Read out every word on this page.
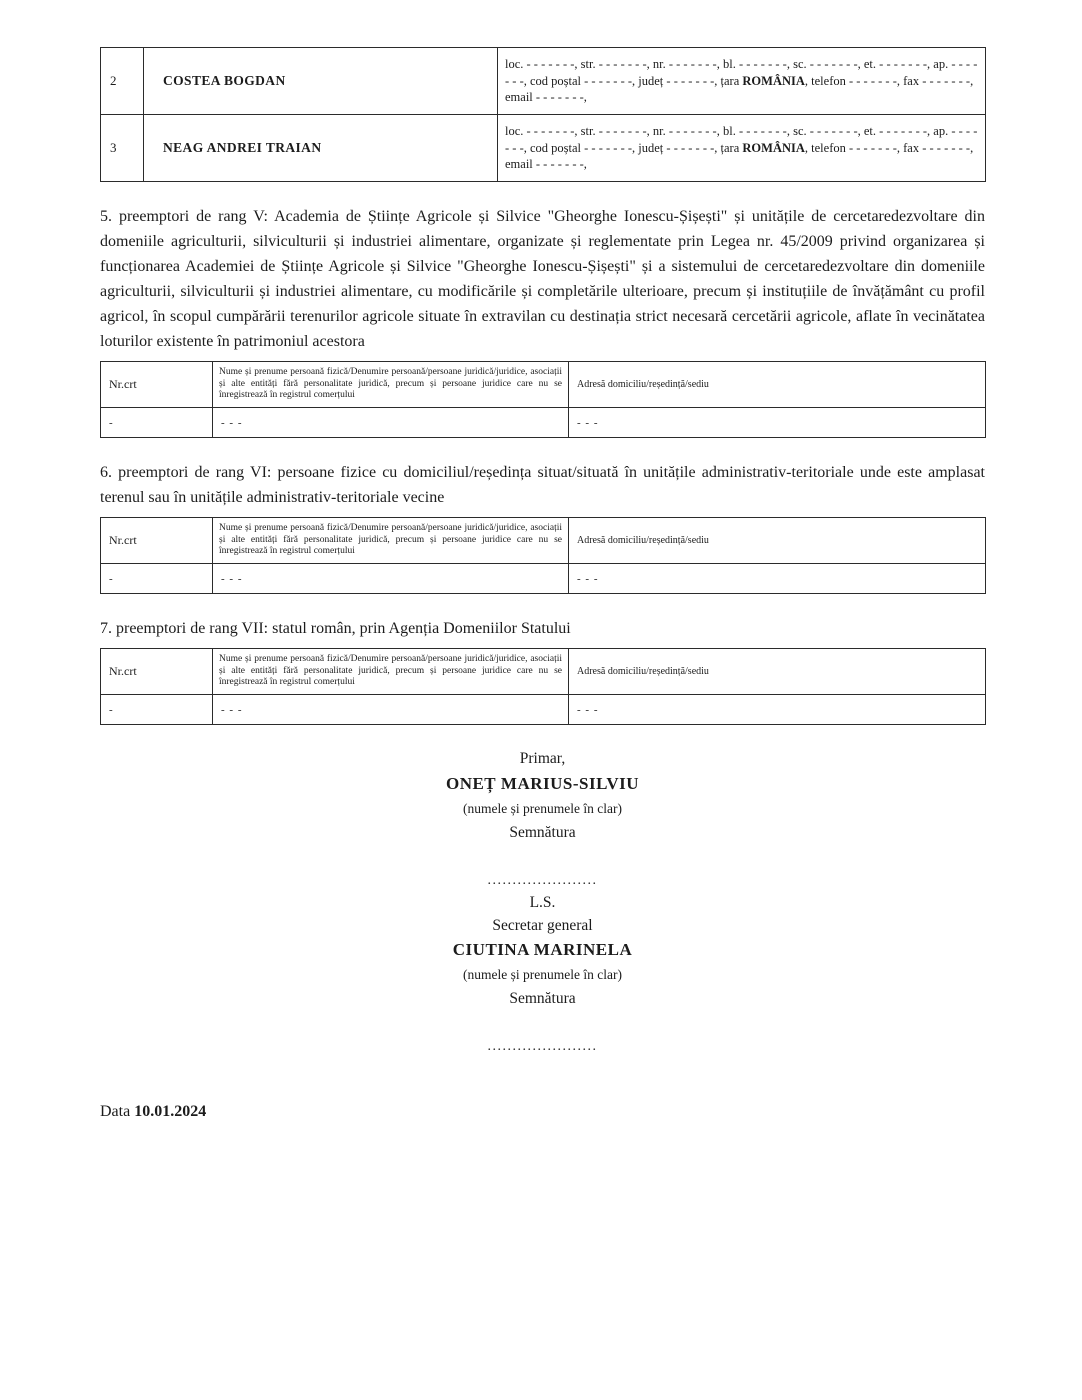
2	COSTEA BOGDAN	loc. - - - - - - -, str. - - - - - - -, nr. - - - - - - -, bl. - - - - - - -, sc. - - - - - - -, et. - - - - - - -, ap. - - - - - - -, cod poștal - - - - - - -, județ - - - - - - -, țara ROMÂNIA, telefon - - - - - - -, fax - - - - - - -, email - - - - - - -,
3	NEAG ANDREI TRAIAN	loc. - - - - - - -, str. - - - - - - -, nr. - - - - - - -, bl. - - - - - - -, sc. - - - - - - -, et. - - - - - - -, ap. - - - - - - -, cod poștal - - - - - - -, județ - - - - - - -, țara ROMÂNIA, telefon - - - - - - -, fax - - - - - - -, email - - - - - - -,

5. preemptori de rang V: Academia de Științe Agricole și Silvice "Gheorghe Ionescu-Șișești" și unitățile de cercetaredezvoltare din domeniile agriculturii, silviculturii și industriei alimentare, organizate și reglementate prin Legea nr. 45/2009 privind organizarea și funcționarea Academiei de Științe Agricole și Silvice "Gheorghe Ionescu-Șișești" și a sistemului de cercetaredezvoltare din domeniile agriculturii, silviculturii și industriei alimentare, cu modificările și completările ulterioare, precum și instituțiile de învățământ cu profil agricol, în scopul cumpărării terenurilor agricole situate în extravilan cu destinația strict necesară cercetării agricole, aflate în vecinătatea loturilor existente în patrimoniul acestora

Nr.crt	Nume și prenume persoană fizică/Denumire persoană/persoane juridică/juridice, asociații și alte entități fără personalitate juridică, precum și persoane juridice care nu se înregistrează în registrul comerțului	Adresă domiciliu/reședință/sediu
-	- - -	- - -

6. preemptori de rang VI: persoane fizice cu domiciliul/reședința situat/situată în unitățile administrativ-teritoriale unde este amplasat terenul sau în unitățile administrativ-teritoriale vecine

Nr.crt	Nume și prenume persoană fizică/Denumire persoană/persoane juridică/juridice, asociații și alte entități fără personalitate juridică, precum și persoane juridice care nu se înregistrează în registrul comerțului	Adresă domiciliu/reședință/sediu
-	- - -	- - -

7. preemptori de rang VII: statul român, prin Agenția Domeniilor Statului

Nr.crt	Nume și prenume persoană fizică/Denumire persoană/persoane juridică/juridice, asociații și alte entități fără personalitate juridică, precum și persoane juridice care nu se înregistrează în registrul comerțului	Adresă domiciliu/reședință/sediu
-	- - -	- - -
Primar,
ONEȚ MARIUS-SILVIU
(numele și prenumele în clar)
Semnătura
......................
L.S.
Secretar general
CIUTINA MARINELA
(numele și prenumele în clar)
Semnătura
......................
Data 10.01.2024
